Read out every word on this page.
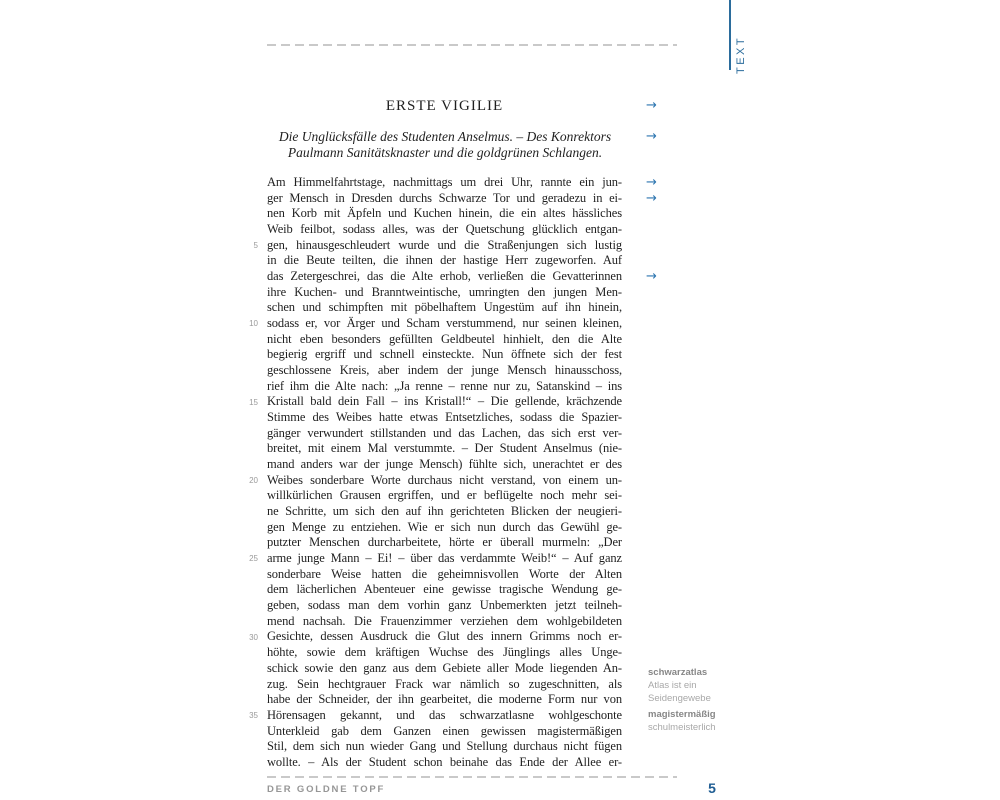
TEXT
ERSTE VIGILIE
Die Unglücksfälle des Studenten Anselmus. – Des Konrektors
Paulmann Sanitätsknaster und die goldgrünen Schlangen.
Am Himmelfahrtstage, nachmittags um drei Uhr, rannte ein jun-
ger Mensch in Dresden durchs Schwarze Tor und geradezu in ei-
nen Korb mit Äpfeln und Kuchen hinein, die ein altes hässliches
Weib feilbot, sodass alles, was der Quetschung glücklich entgan-
gen, hinausgeschleudert wurde und die Straßenjungen sich lustig
in die Beute teilten, die ihnen der hastige Herr zugeworfen. Auf
das Zetergeschrei, das die Alte erhob, verließen die Gevatterinnen
ihre Kuchen- und Branntweintische, umringten den jungen Men-
schen und schimpften mit pöbelhaftem Ungestüm auf ihn hinein,
sodass er, vor Ärger und Scham verstummend, nur seinen kleinen,
nicht eben besonders gefüllten Geldbeutel hinhielt, den die Alte
begierig ergriff und schnell einsteckte. Nun öffnete sich der fest
geschlossene Kreis, aber indem der junge Mensch hinausschoss,
rief ihm die Alte nach: „Ja renne – renne nur zu, Satanskind – ins
Kristall bald dein Fall – ins Kristall!“ – Die gellende, krächzende
Stimme des Weibes hatte etwas Entsetzliches, sodass die Spazier-
gänger verwundert stillstanden und das Lachen, das sich erst ver-
breitet, mit einem Mal verstummte. – Der Student Anselmus (nie-
mand anders war der junge Mensch) fühlte sich, unerachtet er des
Weibes sonderbare Worte durchaus nicht verstand, von einem un-
willkürlichen Grausen ergriffen, und er beflügelte noch mehr sei-
ne Schritte, um sich den auf ihn gerichteten Blicken der neugieri-
gen Menge zu entziehen. Wie er sich nun durch das Gewühl ge-
putzter Menschen durcharbeitete, hörte er überall murmeln: „Der
arme junge Mann – Ei! – über das verdammte Weib!“ – Auf ganz
sonderbare Weise hatten die geheimnisvollen Worte der Alten
dem lächerlichen Abenteuer eine gewisse tragische Wendung ge-
geben, sodass man dem vorhin ganz Unbemerkten jetzt teilneh-
mend nachsah. Die Frauenzimmer verziehen dem wohlgebildeten
Gesichte, dessen Ausdruck die Glut des innern Grimms noch er-
höhte, sowie dem kräftigen Wuchse des Jünglings alles Unge-
schick sowie den ganz aus dem Gebiete aller Mode liegenden An-
zug. Sein hechtgrauer Frack war nämlich so zugeschnitten, als
habe der Schneider, der ihn gearbeitet, die moderne Form nur von
Hörensagen gekannt, und das schwarzatlasne wohlgeschonte
Unterkleid gab dem Ganzen einen gewissen magistermäßigen
Stil, dem sich nun wieder Gang und Stellung durchaus nicht fügen
wollte. – Als der Student schon beinahe das Ende der Allee er-
5
10
15
20
25
30
35
→
→
→
→
→
schwarzatlas
Atlas ist ein Seidengewebe
magistermäßig
schulmeisterlich
DER GOLDNE TOPF	5
